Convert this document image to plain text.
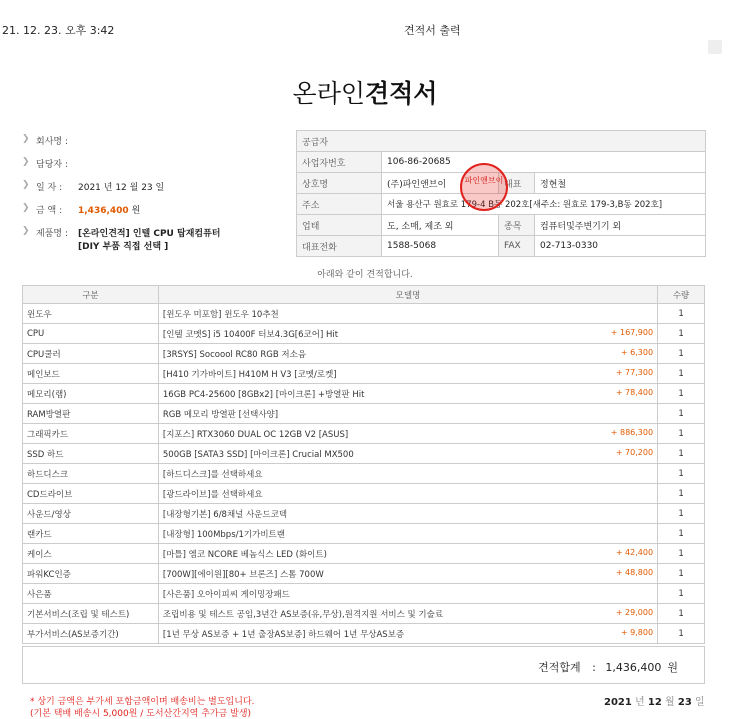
21. 12. 23. 오후 3:42	견적서 출력
온라인견적서
❯ 회사명 :
❯ 담당자 :
❯ 일 자 :	2021 년 12 월 23 일
❯ 금 액 :	1,436,400 원
❯ 제품명 :	[온라인견적] 인텔 CPU 탑재컴퓨터
[DIY 부품 직접 선택 ]
공급자			
사업자번호	106-86-20685		
상호명	(주)파인앤브이	대표	정현철
주소	서울 용산구 원효로 179-4 B동 202호[새주소: 원효로 179-3,B동 202호]		
업태	도, 소매, 제조 외	종목	컴퓨터및주변기기 외
대표전화	1588-5068	FAX	02-713-0330
파인앤브이
아래와 같이 견적합니다.
구분	모델명	수량
윈도우	[윈도우 미포함] 윈도우 10추천	1
CPU	[인텔 코멧S] i5 10400F 터보4.3G[6코어] Hit + 167,900	1
CPU쿨러	[3RSYS] Socoool RC80 RGB 저소음 + 6,300	1
메인보드	[H410 기가바이트] H410M H V3 [코멧/로켓] + 77,300	1
메모리(램)	16GB PC4-25600 [8GBx2] [마이크론] +방열판 Hit + 78,400	1
RAM방열판	RGB 메모리 방열판 [선택사양]	1
그래픽카드	[지포스] RTX3060 DUAL OC 12GB V2 [ASUS] + 886,300	1
SSD 하드	500GB [SATA3 SSD] [마이크론] Crucial MX500 + 70,200	1
하드디스크	[하드디스크]를 선택하세요	1
CD드라이브	[광드라이브]를 선택하세요	1
사운드/영상	[내장형기본] 6/8채널 사운드코덱	1
랜카드	[내장형] 100Mbps/1기가비트랜	1
케이스	[마틀] 엠코 NCORE 베놈식스 LED (화이트) + 42,400	1
파워KC인증	[700W][에이원][80+ 브론즈] 스톰 700W + 48,800	1
사은품	[사은품] 오아이피씨 게이밍장패드	1
기본서비스(조립 및 테스트)	조립비용 및 테스트 공임,3년간 AS보증(유,무상),원격지원 서비스 및 기술료 + 29,000	1
부가서비스(AS보증기간)	[1년 무상 AS보증 + 1년 출장AS보증] 하드웨어 1년 무상AS보증 + 9,800	1
견적합계 : 1,436,400 원
* 상기 금액은 부가세 포함금액이며 배송비는 별도입니다.
(기본 택배 배송시 5,000원 / 도서산간지역 추가금 발생)
2021 년 12 월 23 일
